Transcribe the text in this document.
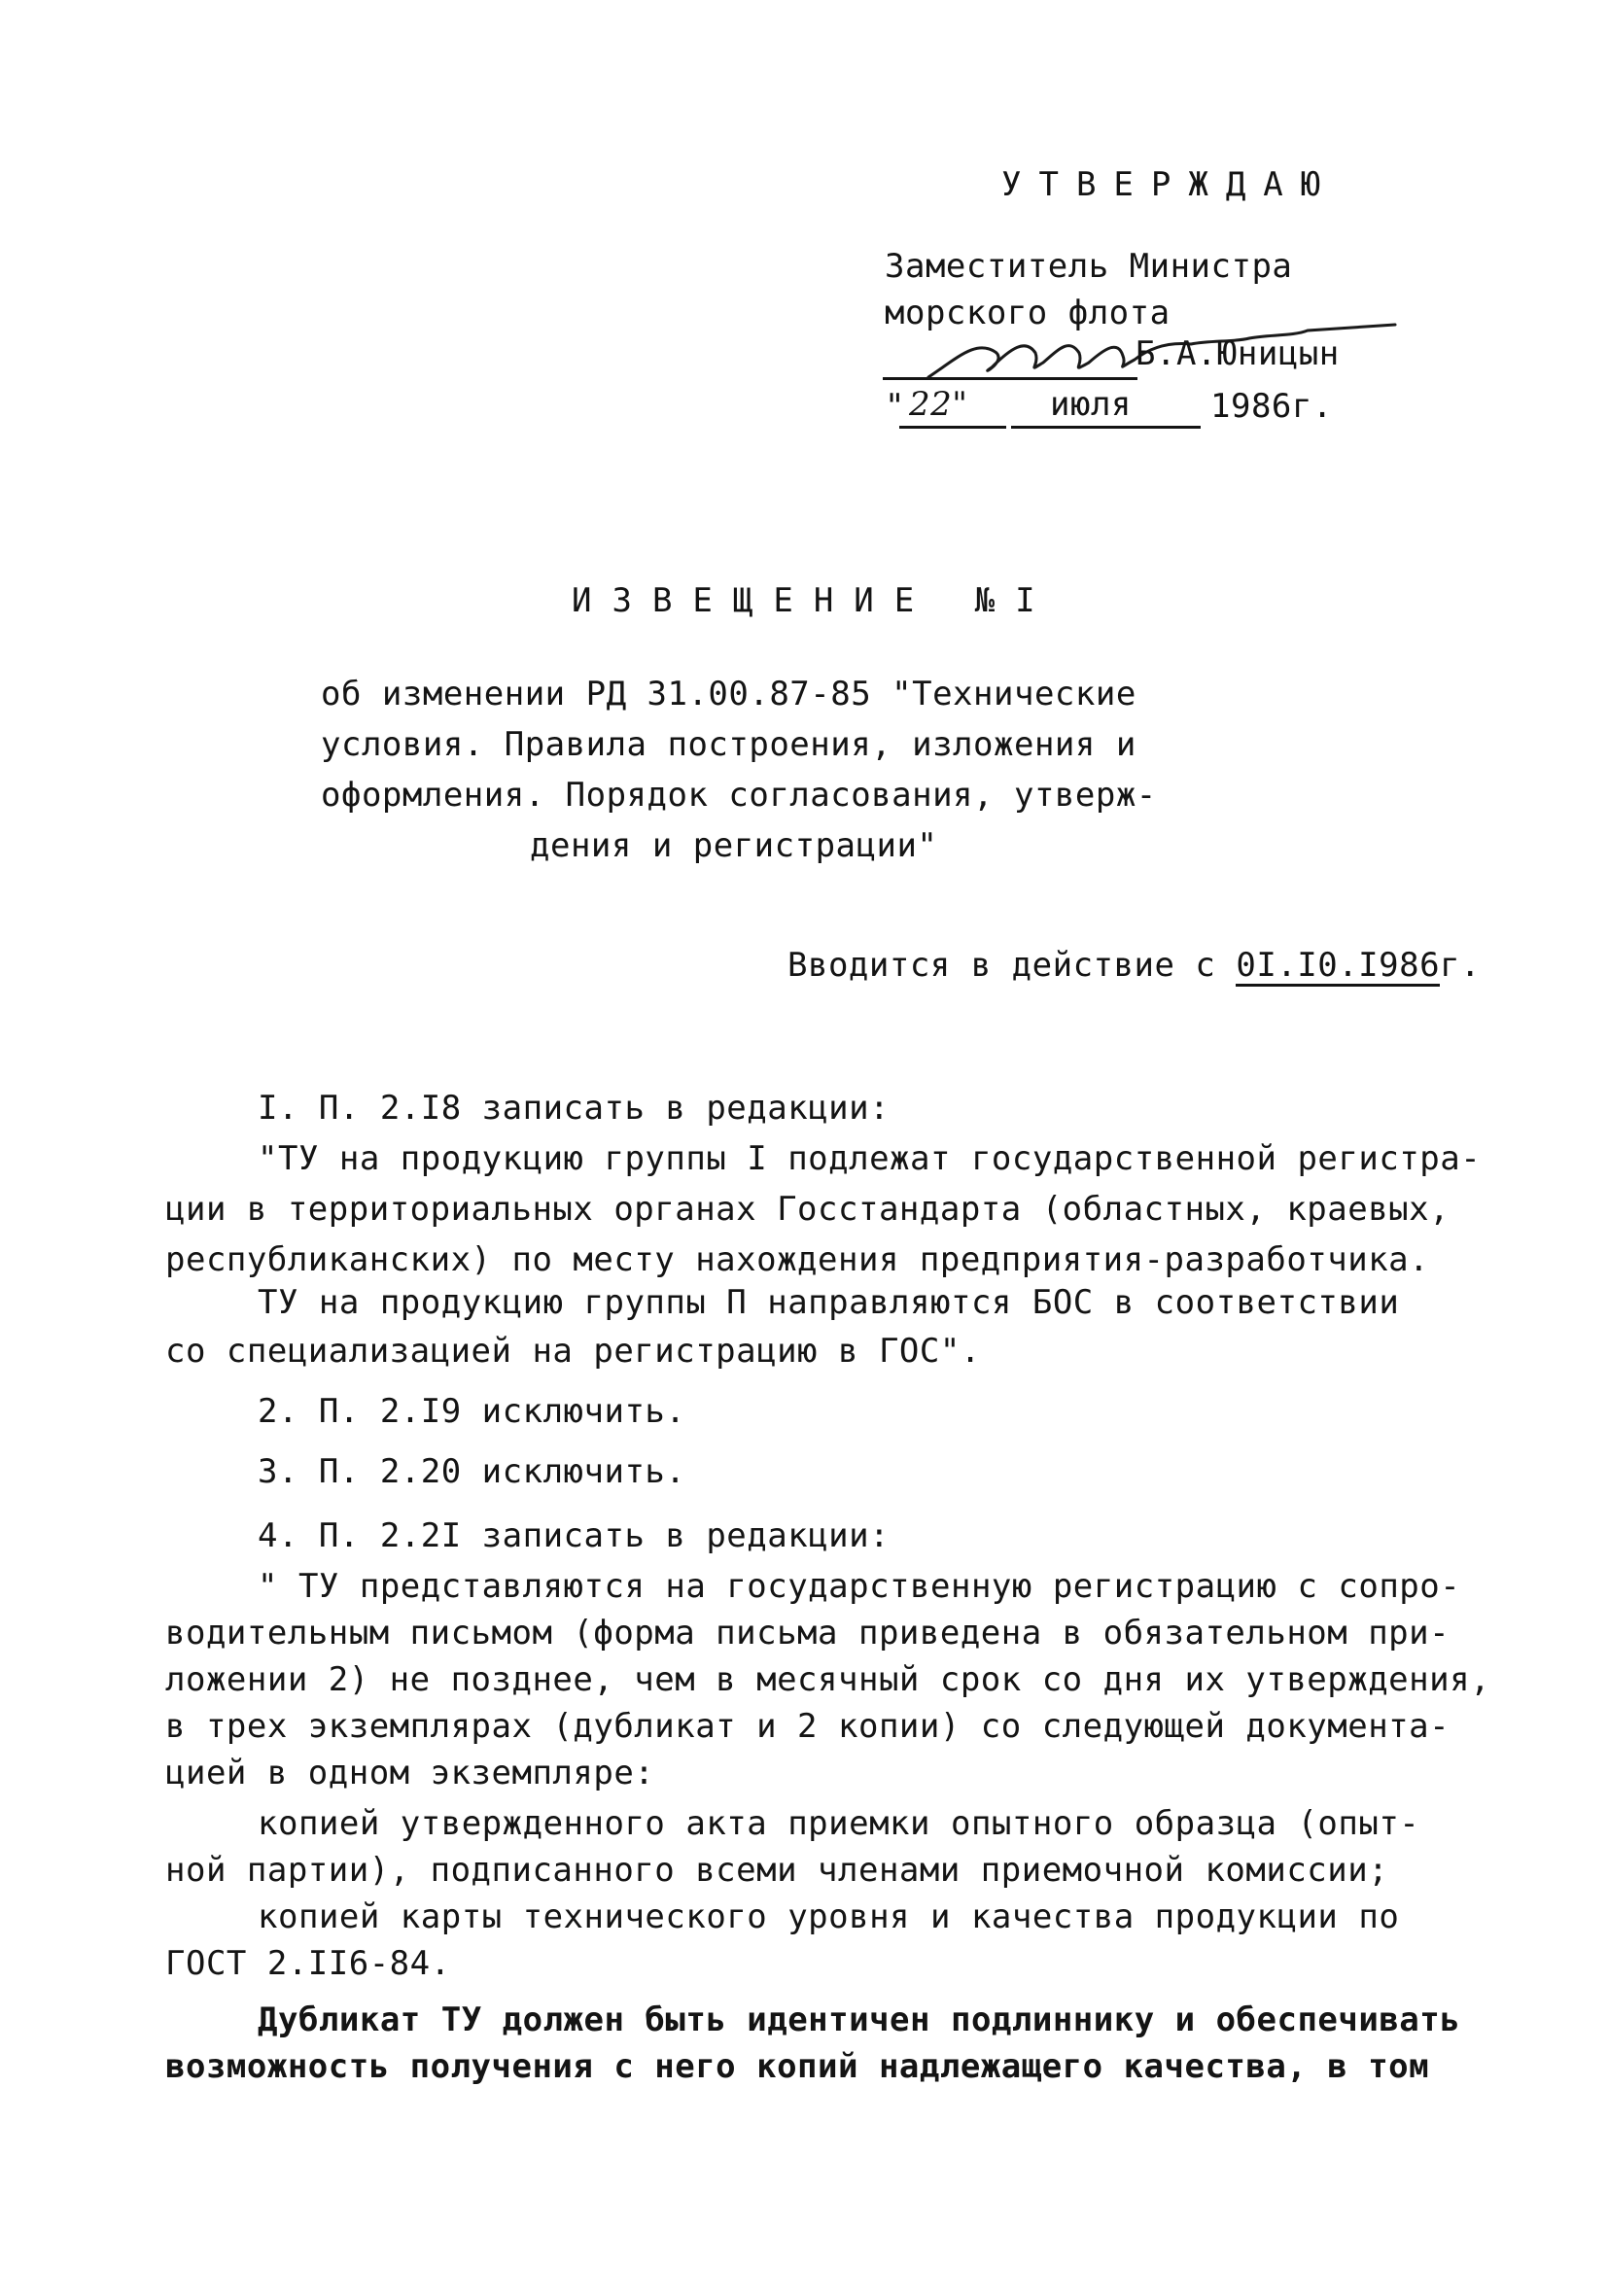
УТВЕРЖДАЮ
Заместитель Министра
морского флота
Б.А.Юницын
" 22" июля 1986г.
ИЗВЕЩЕНИЕ №I
об изменении РД 31.00.87-85 "Технические
условия. Правила построения, изложения и
оформления. Порядок согласования, утверж-
дения и регистрации"
Вводится в действие с 0I.I0.I986г.
I. П. 2.I8 записать в редакции:
"ТУ на продукцию группы I подлежат государственной регистра-
ции в территориальных органах Госстандарта (областных, краевых,
республиканских) по месту нахождения предприятия-разработчика.
ТУ на продукцию группы П направляются БОС в соответствии
со специализацией на регистрацию в ГОС".
2. П. 2.I9 исключить.
3. П. 2.20 исключить.
4. П. 2.2I записать в редакции:
" ТУ представляются на государственную регистрацию с сопро-
водительным письмом (форма письма приведена в обязательном при-
ложении 2) не позднее, чем в месячный срок со дня их утверждения,
в трех экземплярах (дубликат и 2 копии) со следующей документа-
цией в одном экземпляре:
копией утвержденного акта приемки опытного образца (опыт-
ной партии), подписанного всеми членами приемочной комиссии;
копией карты технического уровня и качества продукции по
ГОСТ 2.II6-84.
Дубликат ТУ должен быть идентичен подлиннику и обеспечивать
возможность получения с него копий надлежащего качества, в том
